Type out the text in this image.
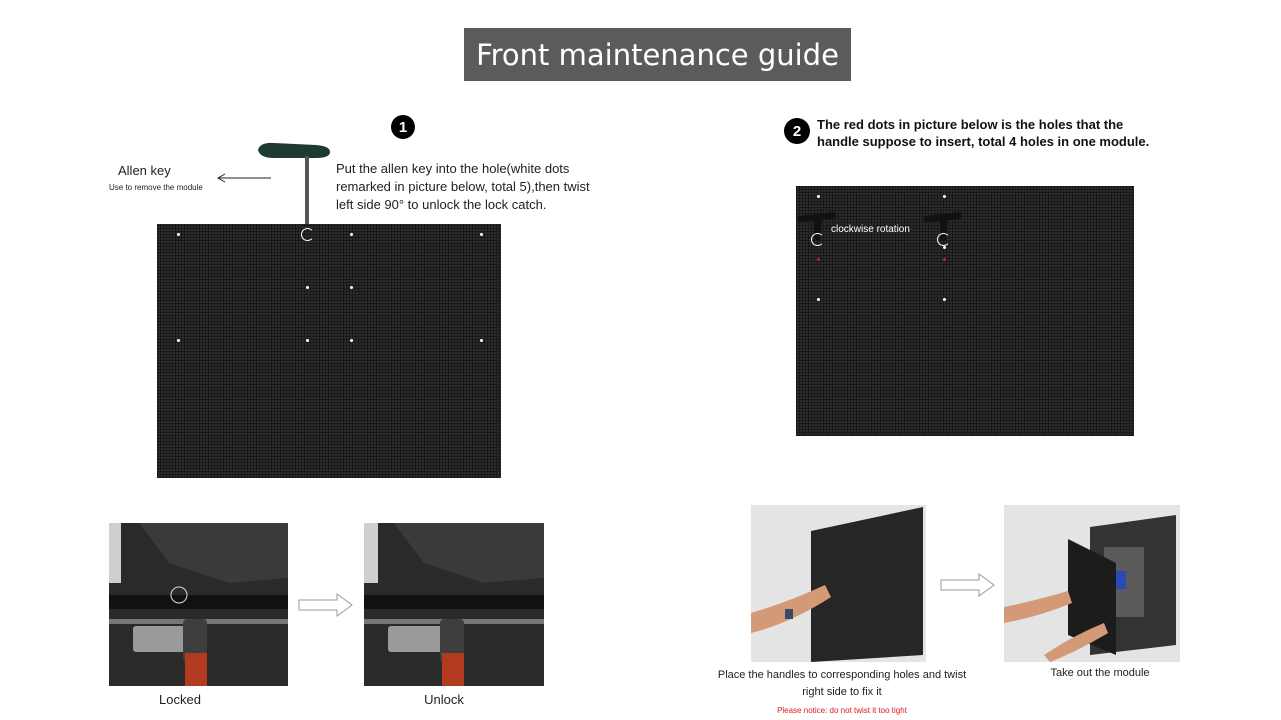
Front maintenance guide
1
Allen key
Use to remove the module
Put the allen key into the hole(white dots remarked in picture below, total 5),then twist left side 90° to unlock the lock catch.
2	The red dots in picture below is the holes that the handle suppose to insert, total 4 holes in one module.
clockwise rotation
Locked	Unlock
Place the handles to corresponding holes and twist right side to fix it
Please notice: do not twist it too tight
Take out the module
